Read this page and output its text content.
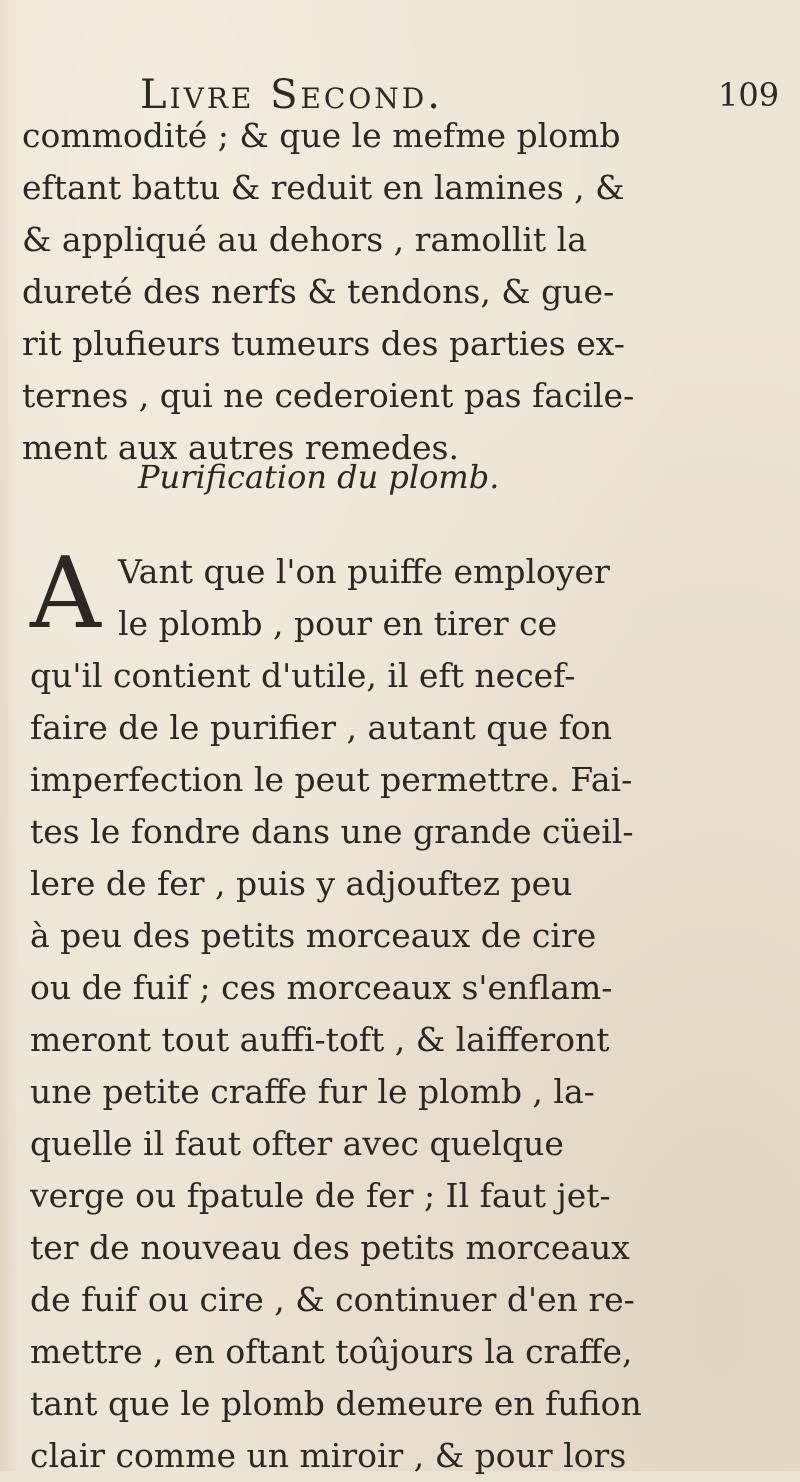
Livre Second.	109
commodité ; & que le mefme plomb
eftant battu & reduit en lamines , &
& appliqué au dehors , ramollit la
dureté des nerfs & tendons, & gue-
rit plufieurs tumeurs des parties ex-
ternes , qui ne cederoient pas facile-
ment aux autres remedes.
Purification du plomb.
A Vant que l'on puiffe employer
le plomb , pour en tirer ce
qu'il contient d'utile, il eft necef-
faire de le purifier , autant que fon
imperfection le peut permettre. Fai-
tes le fondre dans une grande cüeil-
lere de fer , puis y adjouftez peu
à peu des petits morceaux de cire
ou de fuif ; ces morceaux s'enflam-
meront tout auffi-toft , & laifferont
une petite craffe fur le plomb , la-
quelle il faut ofter avec quelque
verge ou fpatule de fer ; Il faut jet-
ter de nouveau des petits morceaux
de fuif ou cire , & continuer d'en re-
mettre , en oftant toûjours la craffe,
tant que le plomb demeure en fufion
clair comme un miroir , & pour lors
